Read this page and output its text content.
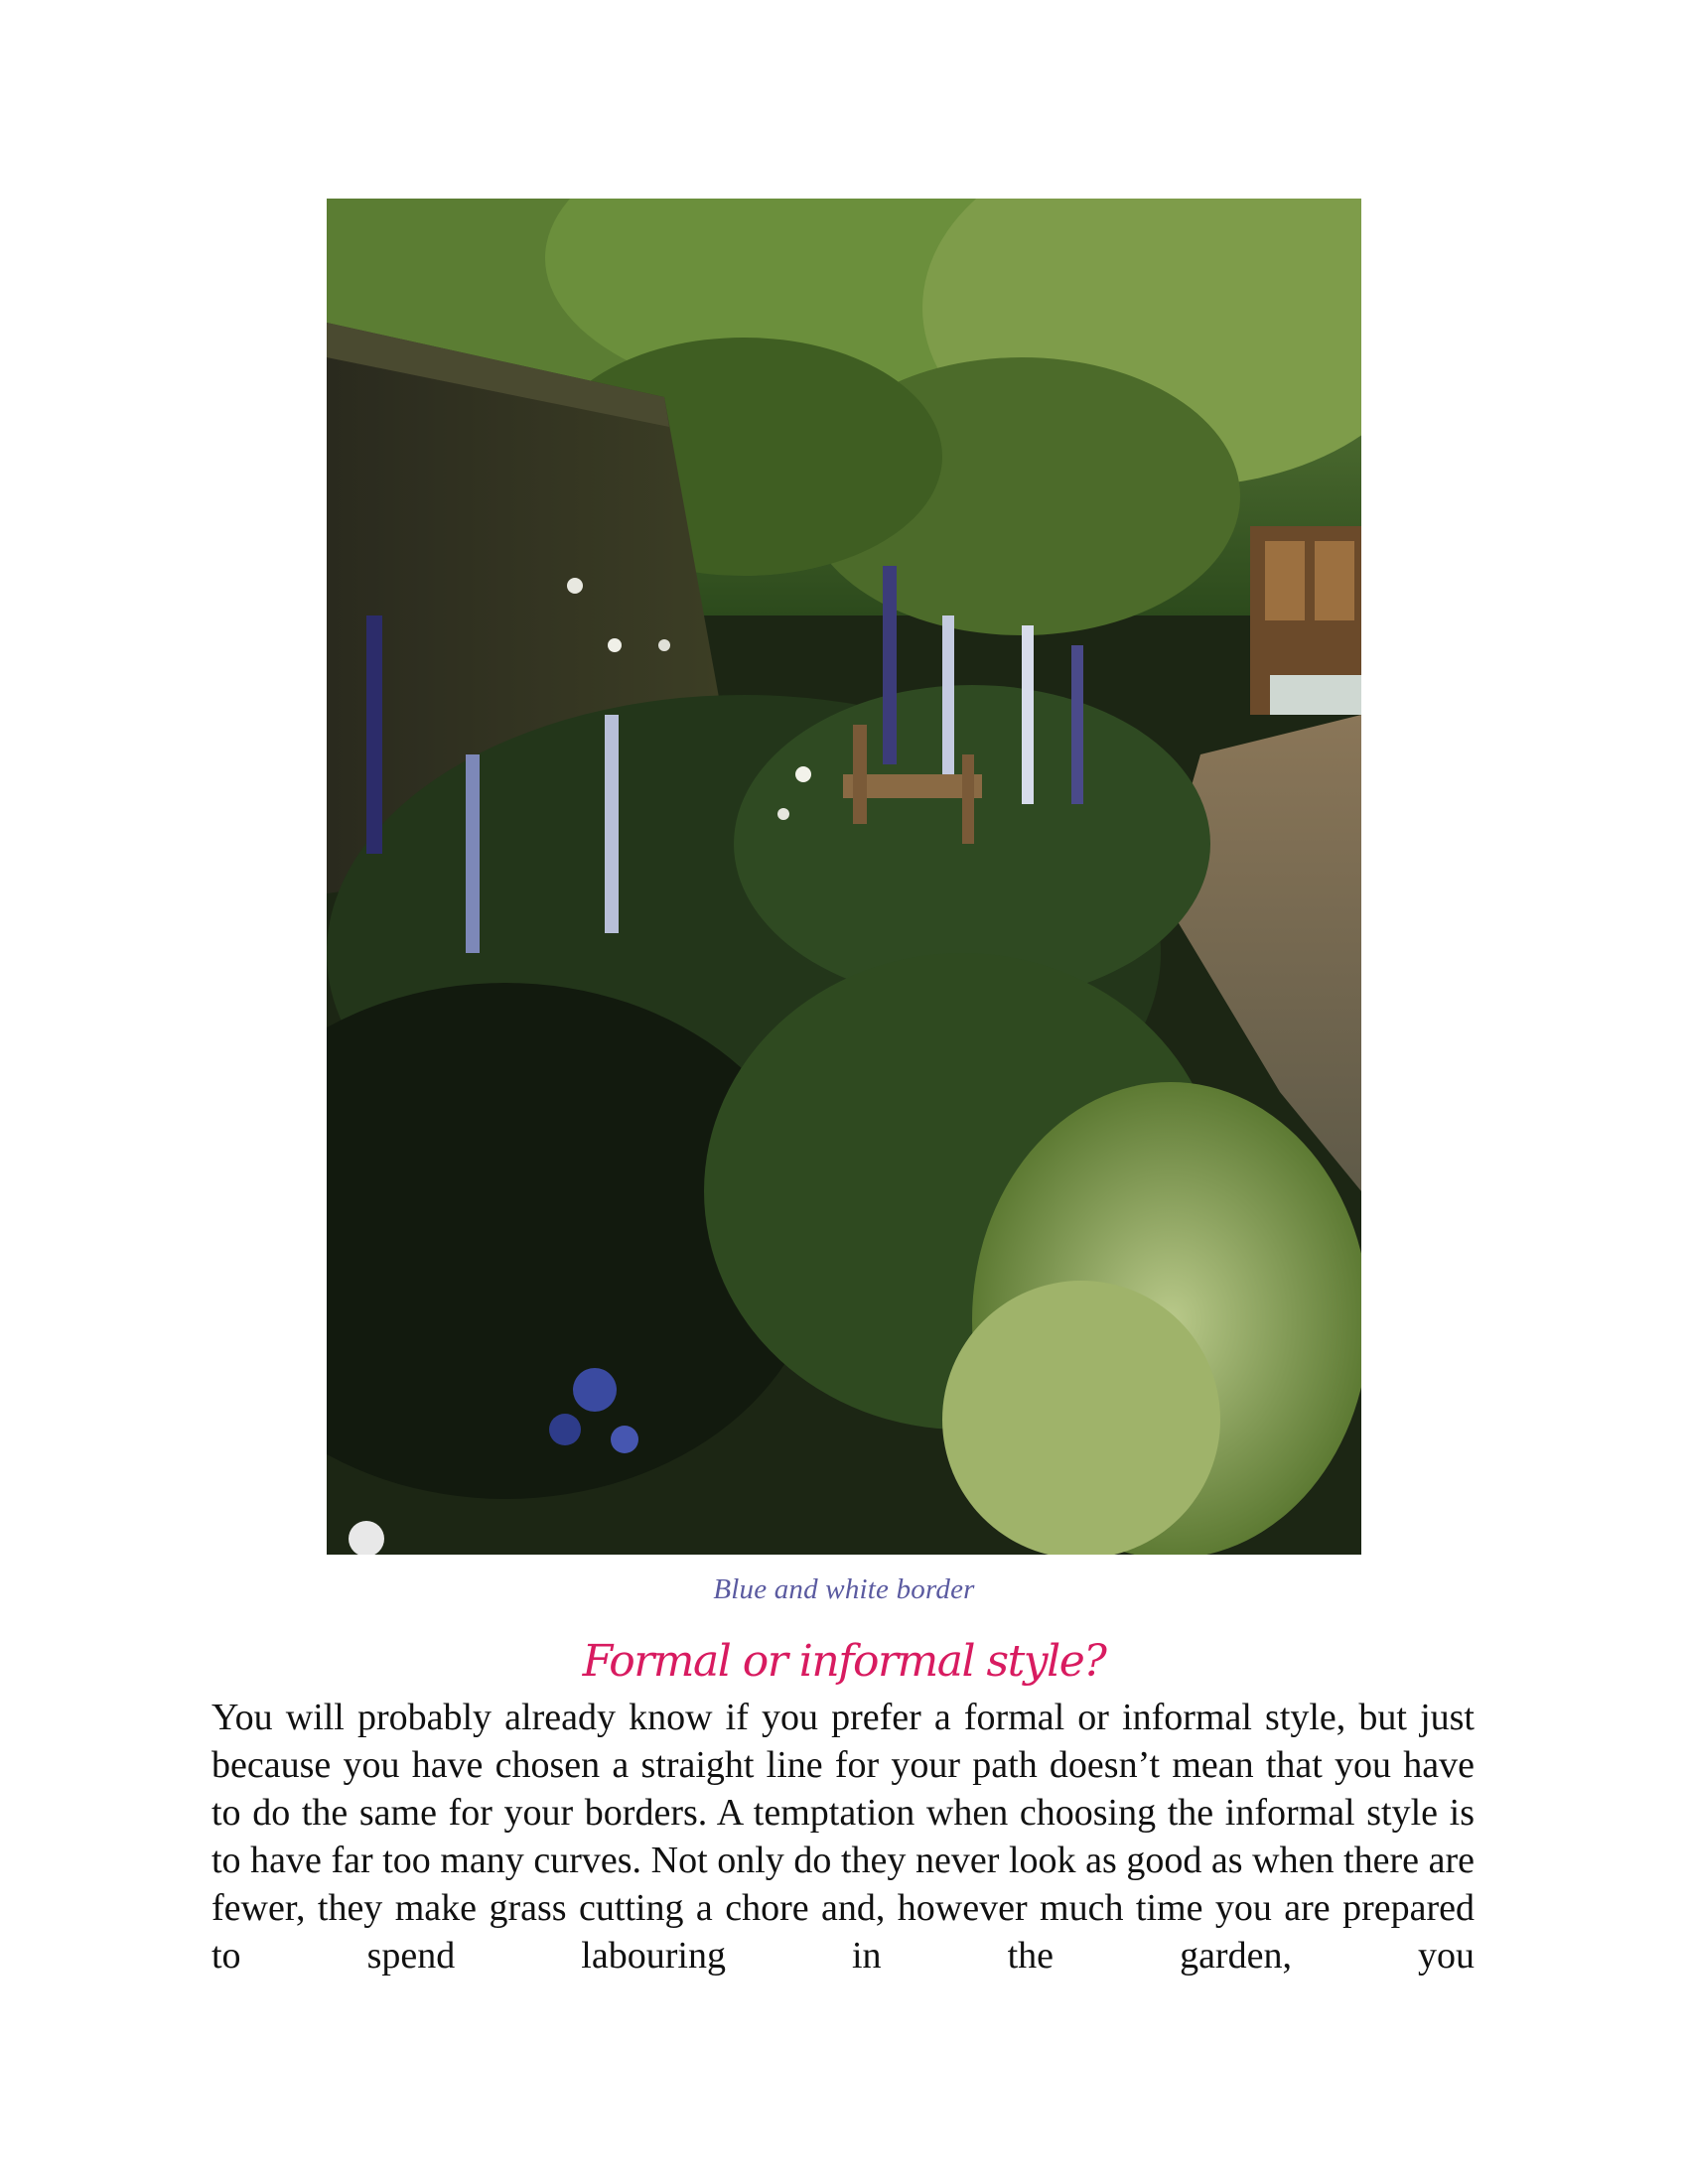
Blue and white border
Formal or informal style?

You will probably already know if you prefer a formal or informal style, but just because you have chosen a straight line for your path doesn’t mean that you have to do the same for your borders. A temptation when choosing the informal style is to have far too many curves. Not only do they never look as good as when there are fewer, they make grass cutting a chore and, however much time you are prepared to spend labouring in the garden, you
